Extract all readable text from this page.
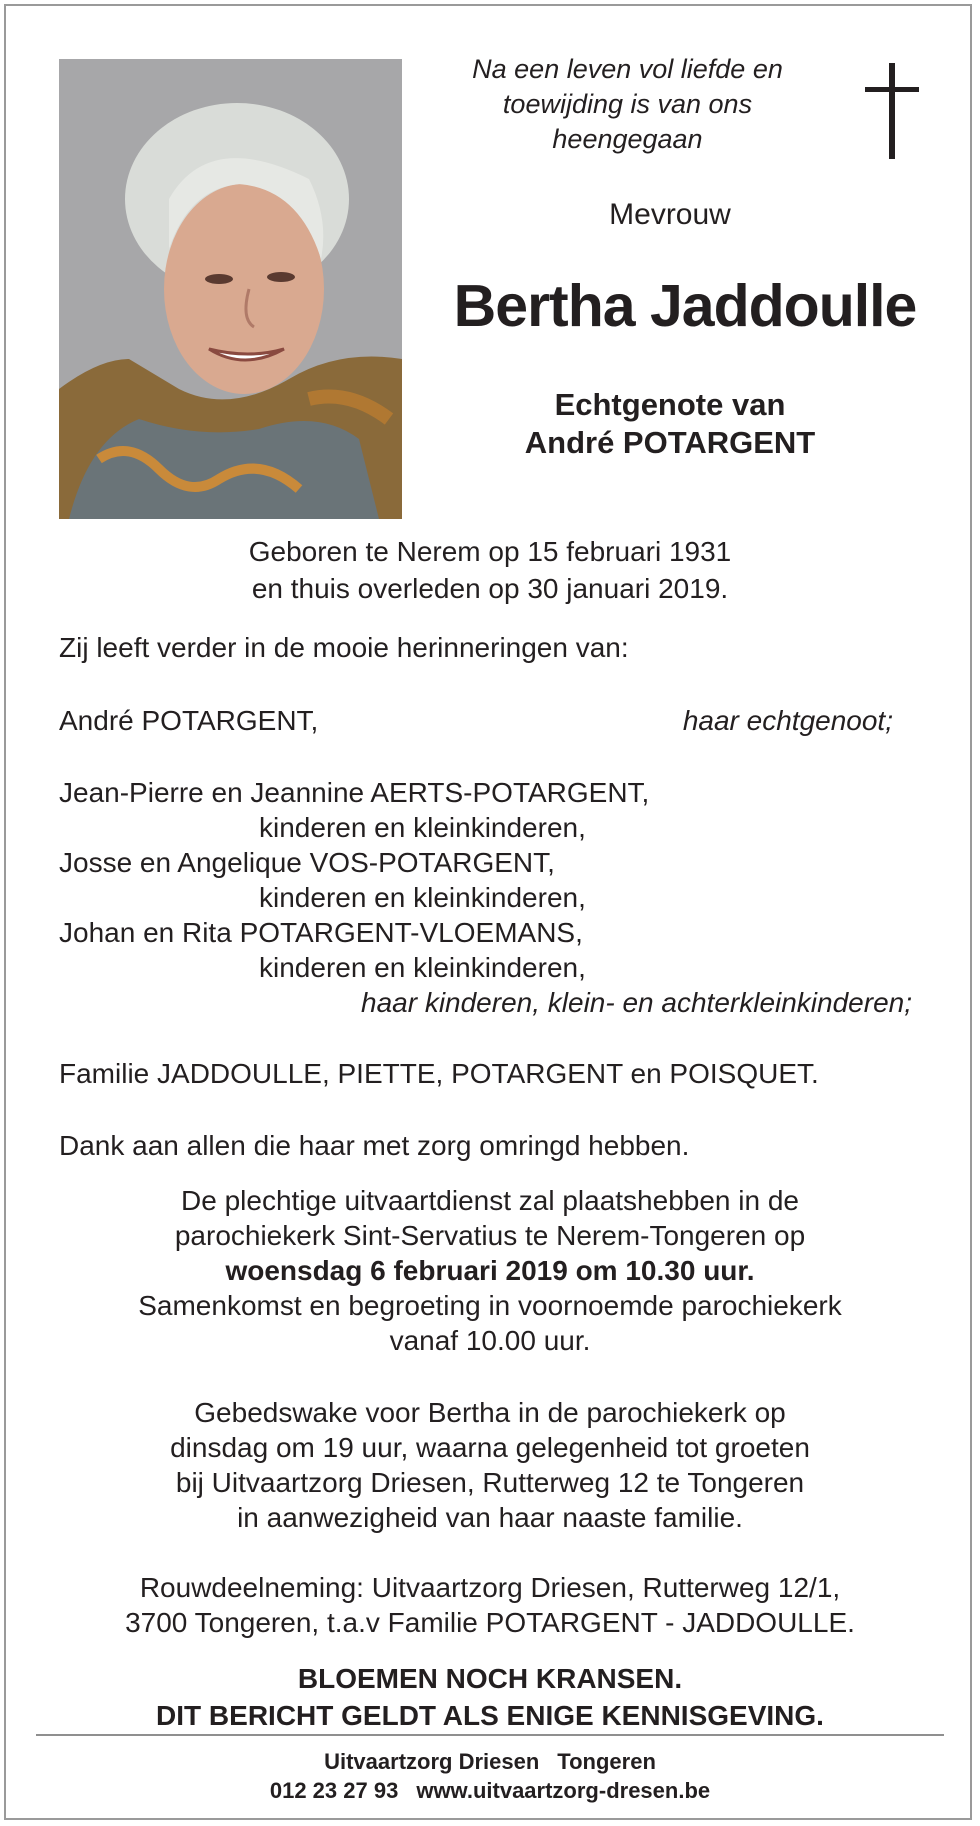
Na een leven vol liefde en
toewijding is van ons
heengegaan
Mevrouw
Bertha Jaddoulle
Echtgenote van
André POTARGENT
Geboren te Nerem op 15 februari 1931
en thuis overleden op 30 januari 2019.
Zij leeft verder in de mooie herinneringen van:
André POTARGENT,	haar echtgenoot;
Jean-Pierre en Jeannine AERTS-POTARGENT,
kinderen en kleinkinderen,
Josse en Angelique VOS-POTARGENT,
kinderen en kleinkinderen,
Johan en Rita POTARGENT-VLOEMANS,
kinderen en kleinkinderen,
haar kinderen, klein- en achterkleinkinderen;
Familie JADDOULLE, PIETTE, POTARGENT en POISQUET.
Dank aan allen die haar met zorg omringd hebben.
De plechtige uitvaartdienst zal plaatshebben in de
parochiekerk Sint-Servatius te Nerem-Tongeren op
woensdag 6 februari 2019 om 10.30 uur.
Samenkomst en begroeting in voornoemde parochiekerk
vanaf 10.00 uur.
Gebedswake voor Bertha in de parochiekerk op
dinsdag om 19 uur, waarna gelegenheid tot groeten
bij Uitvaartzorg Driesen, Rutterweg 12 te Tongeren
in aanwezigheid van haar naaste familie.
Rouwdeelneming: Uitvaartzorg Driesen, Rutterweg 12/1,
3700 Tongeren, t.a.v Familie POTARGENT - JADDOULLE.
BLOEMEN NOCH KRANSEN.
DIT BERICHT GELDT ALS ENIGE KENNISGEVING.
Uitvaartzorg Driesen Tongeren
012 23 27 93 www.uitvaartzorg-dresen.be
